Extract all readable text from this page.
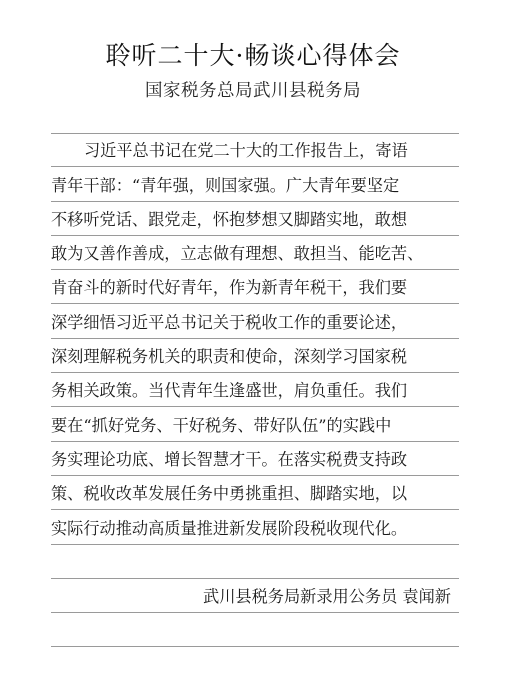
聆听二十大·畅谈心得体会
国家税务总局武川县税务局
习近平总书记在党二十大的工作报告上，寄语
青年干部：“青年强，则国家强。广大青年要坚定
不移听党话、跟党走，怀抱梦想又脚踏实地，敢想
敢为又善作善成，立志做有理想、敢担当、能吃苦、
肯奋斗的新时代好青年，作为新青年税干，我们要
深学细悟习近平总书记关于税收工作的重要论述，
深刻理解税务机关的职责和使命，深刻学习国家税
务相关政策。当代青年生逢盛世，肩负重任。我们
要在“抓好党务、干好税务、带好队伍”的实践中
务实理论功底、增长智慧才干。在落实税费支持政
策、税收改革发展任务中勇挑重担、脚踏实地，以
实际行动推动高质量推进新发展阶段税收现代化。
武川县税务局新录用公务员 袁闻新
